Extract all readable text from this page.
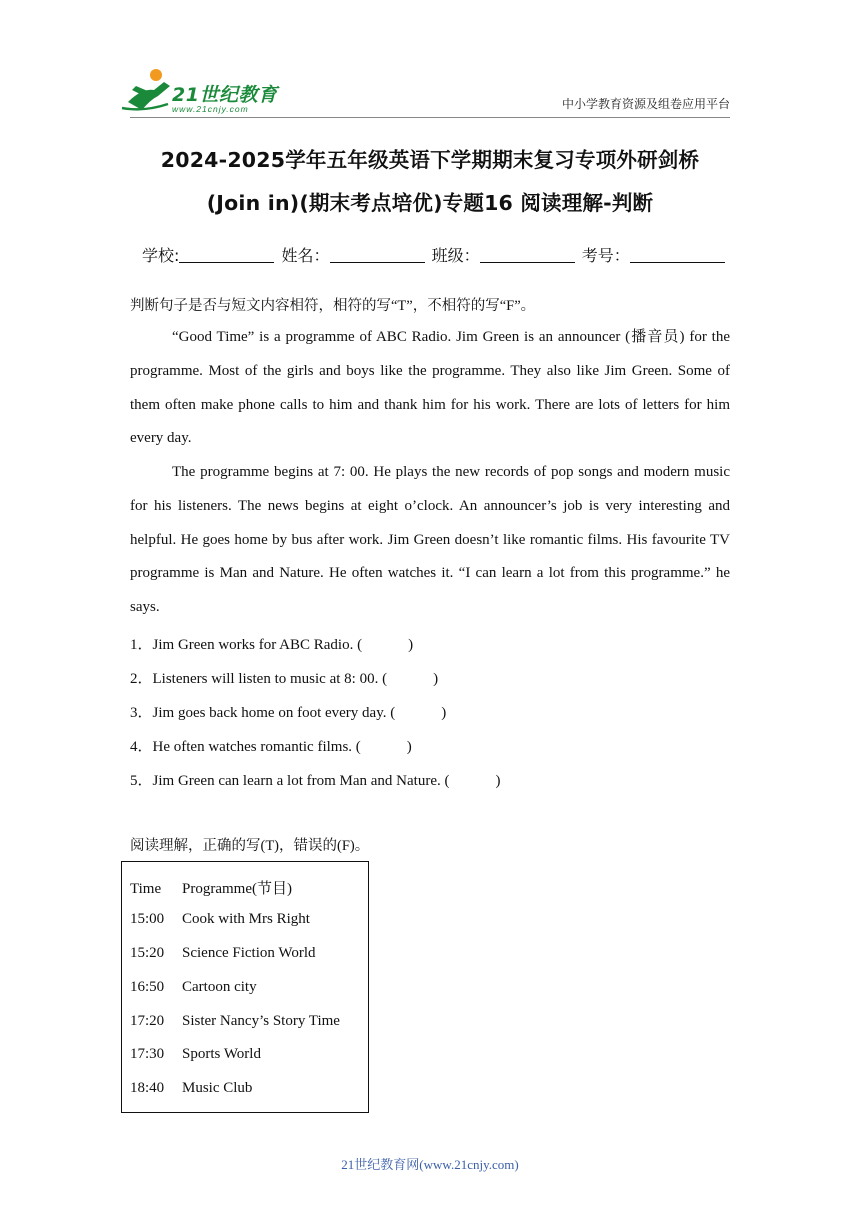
21世纪教育
www.21cnjy.com	中小学教育资源及组卷应用平台
2024-2025学年五年级英语下学期期末复习专项外研剑桥
(Join in)(期末考点培优)专题16 阅读理解-判断
学校:	姓名：	班级：	考号：
判断句子是否与短文内容相符，相符的写“T”，不相符的写“F”。
“Good Time” is a programme of ABC Radio. Jim Green is an announcer (播音员) for the programme. Most of the girls and boys like the programme. They also like Jim Green. Some of them often make phone calls to him and thank him for his work. There are lots of letters for him every day.
The programme begins at 7: 00. He plays the new records of pop songs and modern music for his listeners. The news begins at eight o’clock. An announcer’s job is very interesting and helpful. He goes home by bus after work. Jim Green doesn’t like romantic films. His favourite TV programme is Man and Nature. He often watches it. “I can learn a lot from this programme.” he says.
1．Jim Green works for ABC Radio. (	)
2．Listeners will listen to music at 8: 00. (	)
3．Jim goes back home on foot every day. (	)
4．He often watches romantic films. (	)
5．Jim Green can learn a lot from Man and Nature. (	)
阅读理解，正确的写(T)，错误的(F)。
Time Programme(节目)
15:00 Cook with Mrs Right
15:20 Science Fiction World
16:50 Cartoon city
17:20 Sister Nancy’s Story Time
17:30 Sports World
18:40 Music Club
21世纪教育网(www.21cnjy.com)
